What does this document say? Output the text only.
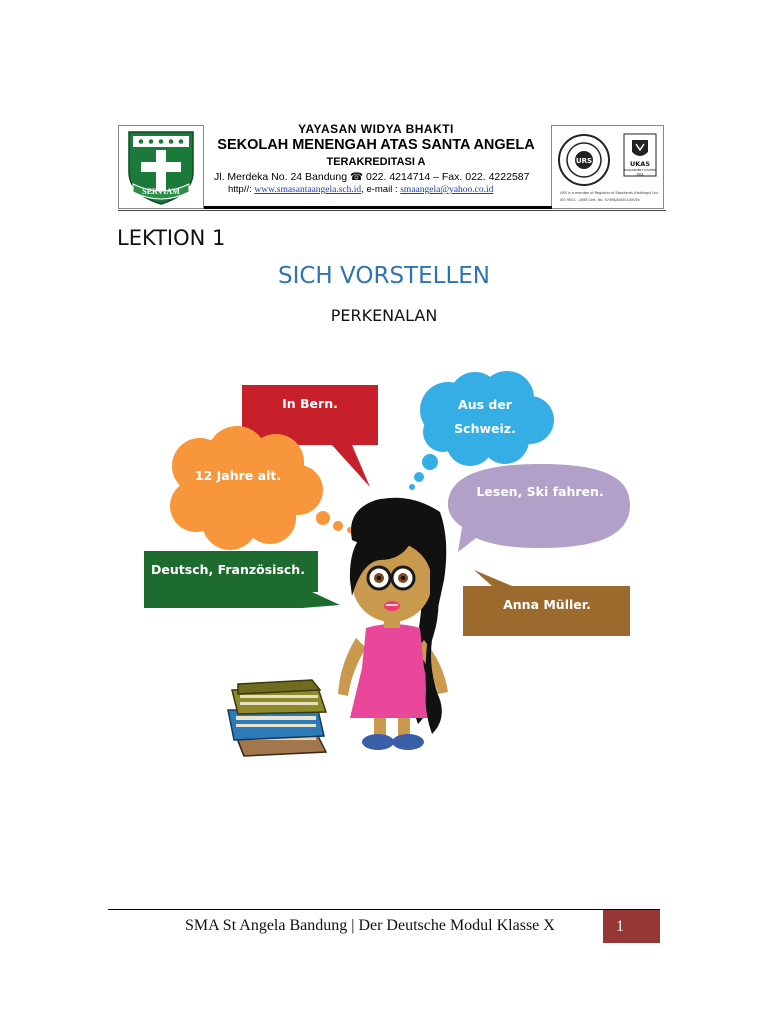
SERVIAM
YAYASAN WIDYA BHAKTI
SEKOLAH MENENGAH ATAS SANTA ANGELA
TERAKREDITASI A
Jl. Merdeka No. 24 Bandung ☎ 022. 4214714 – Fax. 022. 4222587
http//: www.smasantaangela.sch.id, e-mail : smaangela@yahoo.co.id
URS	UKAS
MANAGEMENT SYSTEMS
003
URS is a member of Registrar of Standards (Holdings) Ltd.
ISO 9001 : 2008 Cert. No. 47498/A/0001/UK/En
LEKTION 1
SICH VORSTELLEN
PERKENALAN
In Bern.	Aus der
Schweiz.
12 Jahre alt.
Lesen, Ski fahren.
Deutsch, Französisch.
Anna Müller.
SMA St Angela Bandung | Der Deutsche Modul Klasse X	1
